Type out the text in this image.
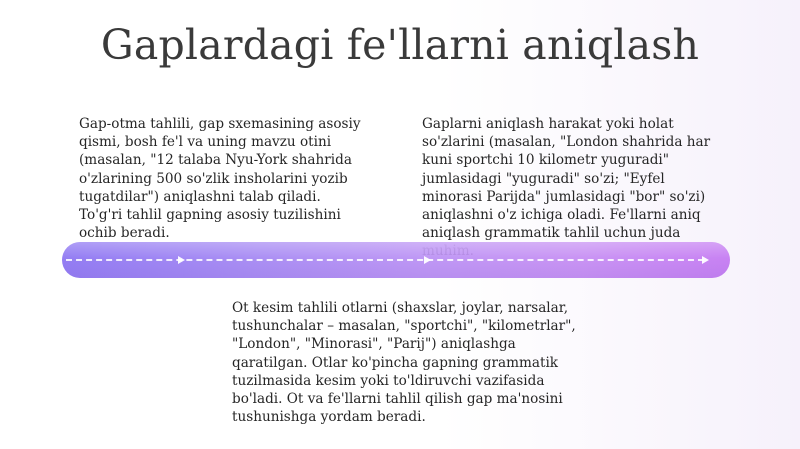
Gaplardagi fe'llarni aniqlash
Gap-otma tahlili, gap sxemasining asosiy
qismi, bosh fe'l va uning mavzu otini
(masalan, "12 talaba Nyu-York shahrida
o'zlarining 500 so'zlik insholarini yozib
tugatdilar") aniqlashni talab qiladi.
To'g'ri tahlil gapning asosiy tuzilishini
ochib beradi.
Gaplarni aniqlash harakat yoki holat
so'zlarini (masalan, "London shahrida har
kuni sportchi 10 kilometr yuguradi"
jumlasidagi "yuguradi" so'zi; "Eyfel
minorasi Parijda" jumlasidagi "bor" so'zi)
aniqlashni o'z ichiga oladi. Fe'llarni aniq
aniqlash grammatik tahlil uchun juda

Ot kesim tahlili otlarni (shaxslar, joylar, narsalar,
tushunchalar – masalan, "sportchi", "kilometrlar",
"London", "Minorasi", "Parij") aniqlashga
qaratilgan. Otlar ko'pincha gapning grammatik
tuzilmasida kesim yoki to'ldiruvchi vazifasida
bo'ladi. Ot va fe'llarni tahlil qilish gap ma'nosini
tushunishga yordam beradi.
